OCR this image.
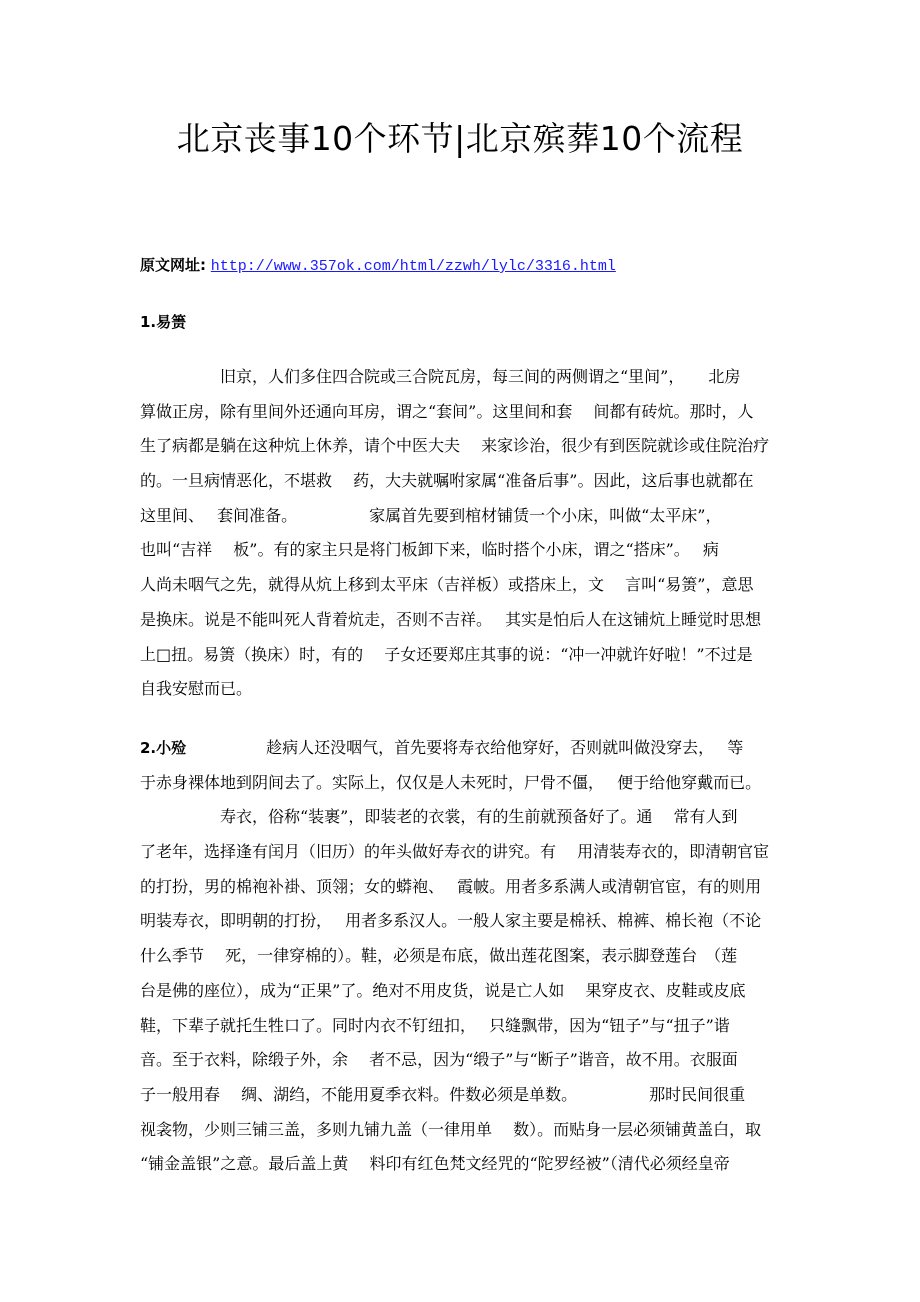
北京丧事10个环节|北京殡葬10个流程
原文网址: http://www.357ok.com/html/zzwh/lylc/3316.html
1.易箦
　　　　　旧京，人们多住四合院或三合院瓦房，每三间的两侧谓之“里间”，　　北房
算做正房，除有里间外还通向耳房，谓之“套间”。这里间和套　 间都有砖炕。那时，人
生了病都是躺在这种炕上休养，请个中医大夫　 来家诊治，很少有到医院就诊或住院治疗
的。一旦病情恶化，不堪救　 药，大夫就嘱咐家属“准备后事”。因此，这后事也就都在
这里间、　 套间准备。　　　　　家属首先要到棺材铺赁一个小床，叫做“太平床”，
也叫“吉祥　 板”。有的家主只是将门板卸下来，临时搭个小床，谓之“搭床”。　 病
人尚未咽气之先，就得从炕上移到太平床（吉祥板）或搭床上，文　 言叫“易箦”，意思
是换床。说是不能叫死人背着炕走，否则不吉祥。　 其实是怕后人在这铺炕上睡觉时思想
上□扭。易箦（换床）时，有的　 子女还要郑庄其事的说：“冲一冲就许好啦！”不过是
自我安慰而已。
2.小殓　　　　　趁病人还没咽气，首先要将寿衣给他穿好，否则就叫做没穿去，　 等
于赤身裸体地到阴间去了。实际上，仅仅是人未死时，尸骨不僵，　 便于给他穿戴而已。
　　　　　寿衣，俗称“装裹”，即装老的衣裳，有的生前就预备好了。通　 常有人到
了老年，选择逢有闰月（旧历）的年头做好寿衣的讲究。有　 用清装寿衣的，即清朝官宦
的打扮，男的棉袍补褂、顶翎；女的蟒袍、　 霞帔。用者多系满人或清朝官宦，有的则用
明装寿衣，即明朝的打扮，　 用者多系汉人。一般人家主要是棉袄、棉裤、棉长袍（不论
什么季节　 死，一律穿棉的）。鞋，必须是布底，做出莲花图案，表示脚登莲台　（莲
台是佛的座位），成为“正果”了。绝对不用皮货，说是亡人如　 果穿皮衣、皮鞋或皮底
鞋，下辈子就托生牲口了。同时内衣不钉纽扣，　 只缝飘带，因为“钮子”与“扭子”谐
音。至于衣料，除缎子外，余　 者不忌，因为“缎子”与“断子”谐音，故不用。衣服面
子一般用春　 绸、湖绉，不能用夏季衣料。件数必须是单数。　　　　　那时民间很重
视衾物，少则三铺三盖，多则九铺九盖（一律用单　 数）。而贴身一层必须铺黄盖白，取
“铺金盖银”之意。最后盖上黄　 料印有红色梵文经咒的“陀罗经被”（清代必须经皇帝
